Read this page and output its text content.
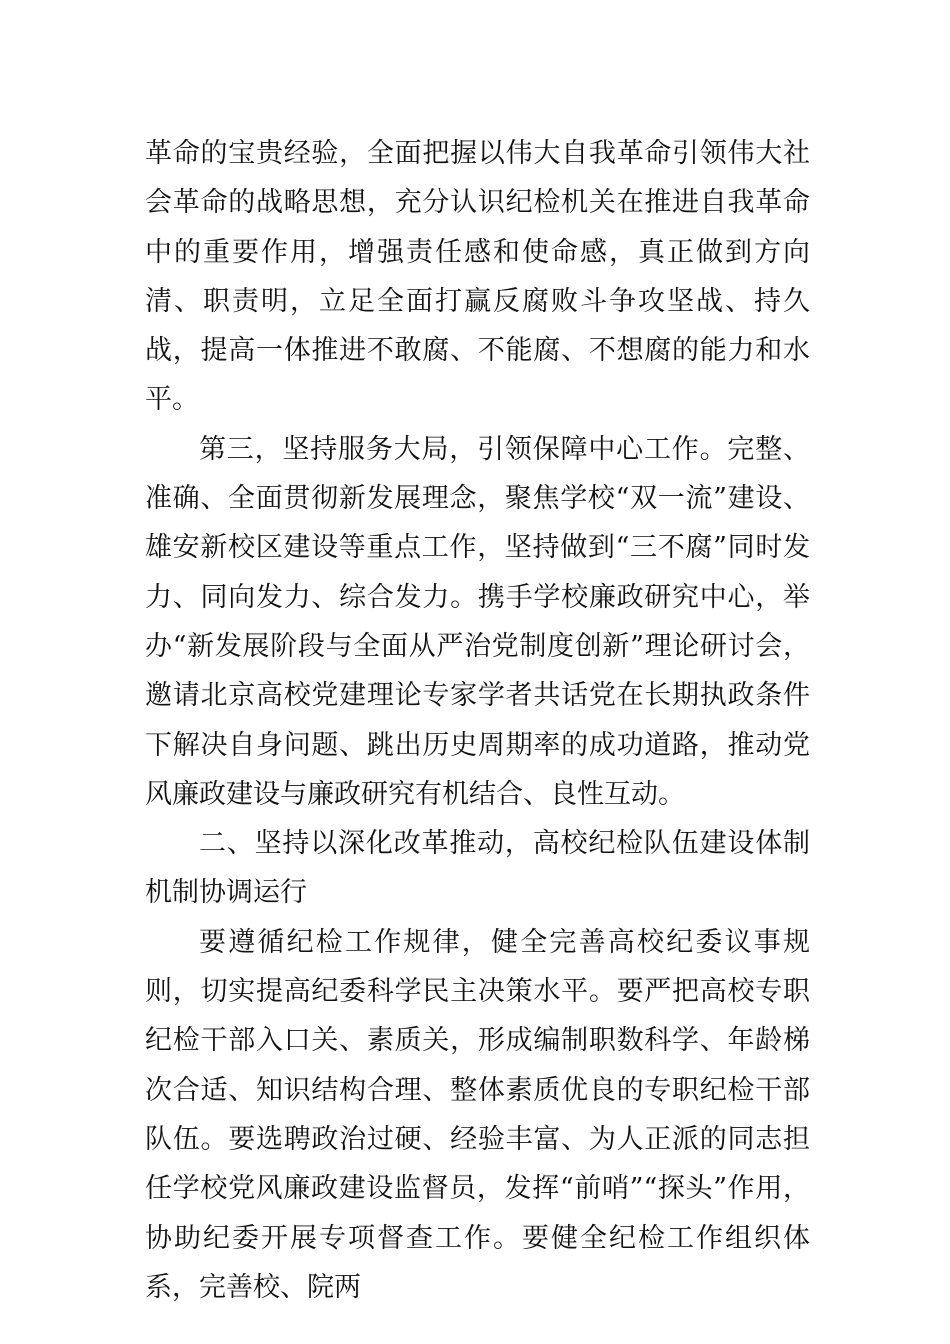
革命的宝贵经验，全面把握以伟大自我革命引领伟大社会革命的战略思想，充分认识纪检机关在推进自我革命中的重要作用，增强责任感和使命感，真正做到方向清、职责明，立足全面打赢反腐败斗争攻坚战、持久战，提高一体推进不敢腐、不能腐、不想腐的能力和水平。

第三，坚持服务大局，引领保障中心工作。完整、准确、全面贯彻新发展理念，聚焦学校“双一流”建设、雄安新校区建设等重点工作，坚持做到“三不腐”同时发力、同向发力、综合发力。携手学校廉政研究中心，举办“新发展阶段与全面从严治党制度创新”理论研讨会，邀请北京高校党建理论专家学者共话党在长期执政条件下解决自身问题、跳出历史周期率的成功道路，推动党风廉政建设与廉政研究有机结合、良性互动。

二、坚持以深化改革推动，高校纪检队伍建设体制机制协调运行

要遵循纪检工作规律，健全完善高校纪委议事规则，切实提高纪委科学民主决策水平。要严把高校专职纪检干部入口关、素质关，形成编制职数科学、年龄梯次合适、知识结构合理、整体素质优良的专职纪检干部队伍。要选聘政治过硬、经验丰富、为人正派的同志担任学校党风廉政建设监督员，发挥“前哨”“探头”作用，协助纪委开展专项督查工作。要健全纪检工作组织体系，完善校、院两
